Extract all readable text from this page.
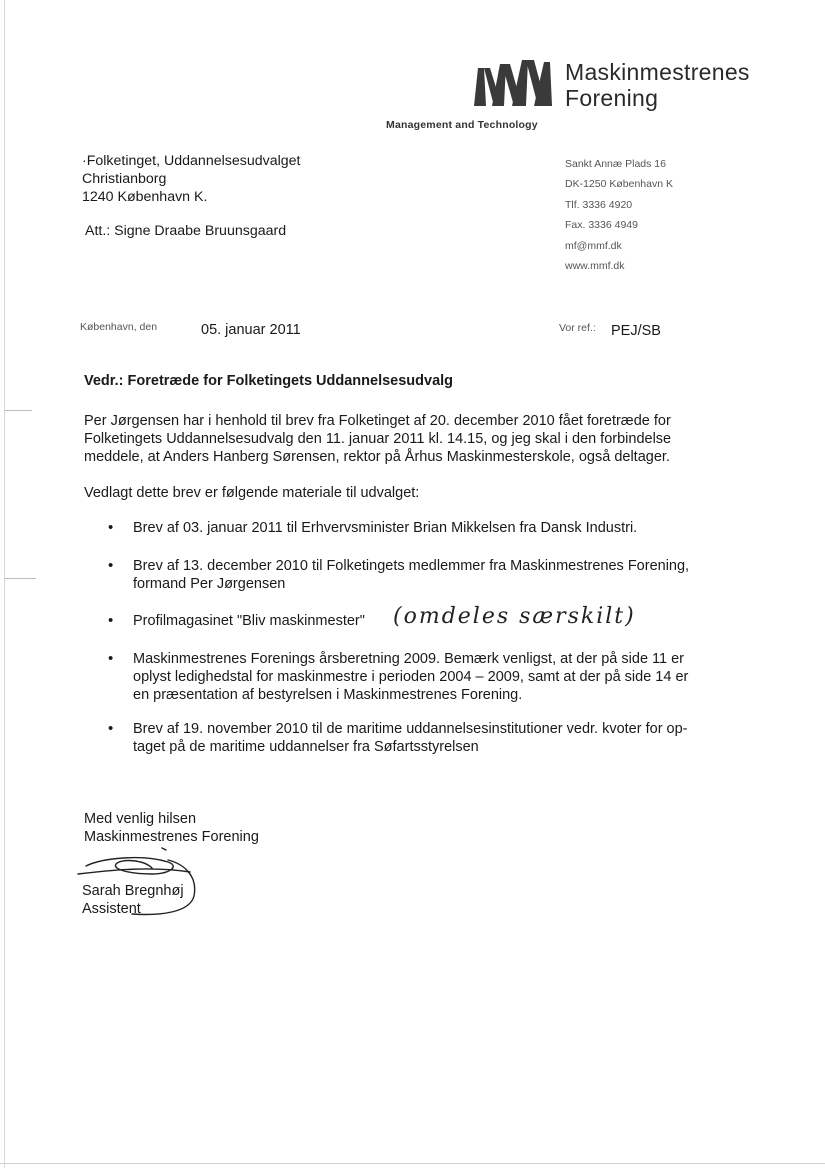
Maskinmestrenes
Forening
Management and Technology
·Folketinget, Uddannelsesudvalget
Christianborg
1240 København K.
Att.: Signe Draabe Bruunsgaard
Sankt Annæ Plads 16
DK-1250 København K
Tlf. 3336 4920
Fax. 3336 4949
mf@mmf.dk
www.mmf.dk
København, den	05. januar 2011	Vor ref.: PEJ/SB
Vedr.: Foretræde for Folketingets Uddannelsesudvalg
Per Jørgensen har i henhold til brev fra Folketinget af 20. december 2010 fået foretræde for
Folketingets Uddannelsesudvalg den 11. januar 2011 kl. 14.15, og jeg skal i den forbindelse
meddele, at Anders Hanberg Sørensen, rektor på Århus Maskinmesterskole, også deltager.
Vedlagt dette brev er følgende materiale til udvalget:
• Brev af 03. januar 2011 til Erhvervsminister Brian Mikkelsen fra Dansk Industri.
• Brev af 13. december 2010 til Folketingets medlemmer fra Maskinmestrenes Forening,
formand Per Jørgensen
• Profilmagasinet "Bliv maskinmester"
• Maskinmestrenes Forenings årsberetning 2009. Bemærk venligst, at der på side 11 er
oplyst ledighedstal for maskinmestre i perioden 2004 – 2009, samt at der på side 14 er
en præsentation af bestyrelsen i Maskinmestrenes Forening.
• Brev af 19. november 2010 til de maritime uddannelsesinstitutioner vedr. kvoter for op-
taget på de maritime uddannelser fra Søfartsstyrelsen
(omdeles særskilt)
Med venlig hilsen
Maskinmestrenes Forening
Sarah Bregnhøj
Assistent
